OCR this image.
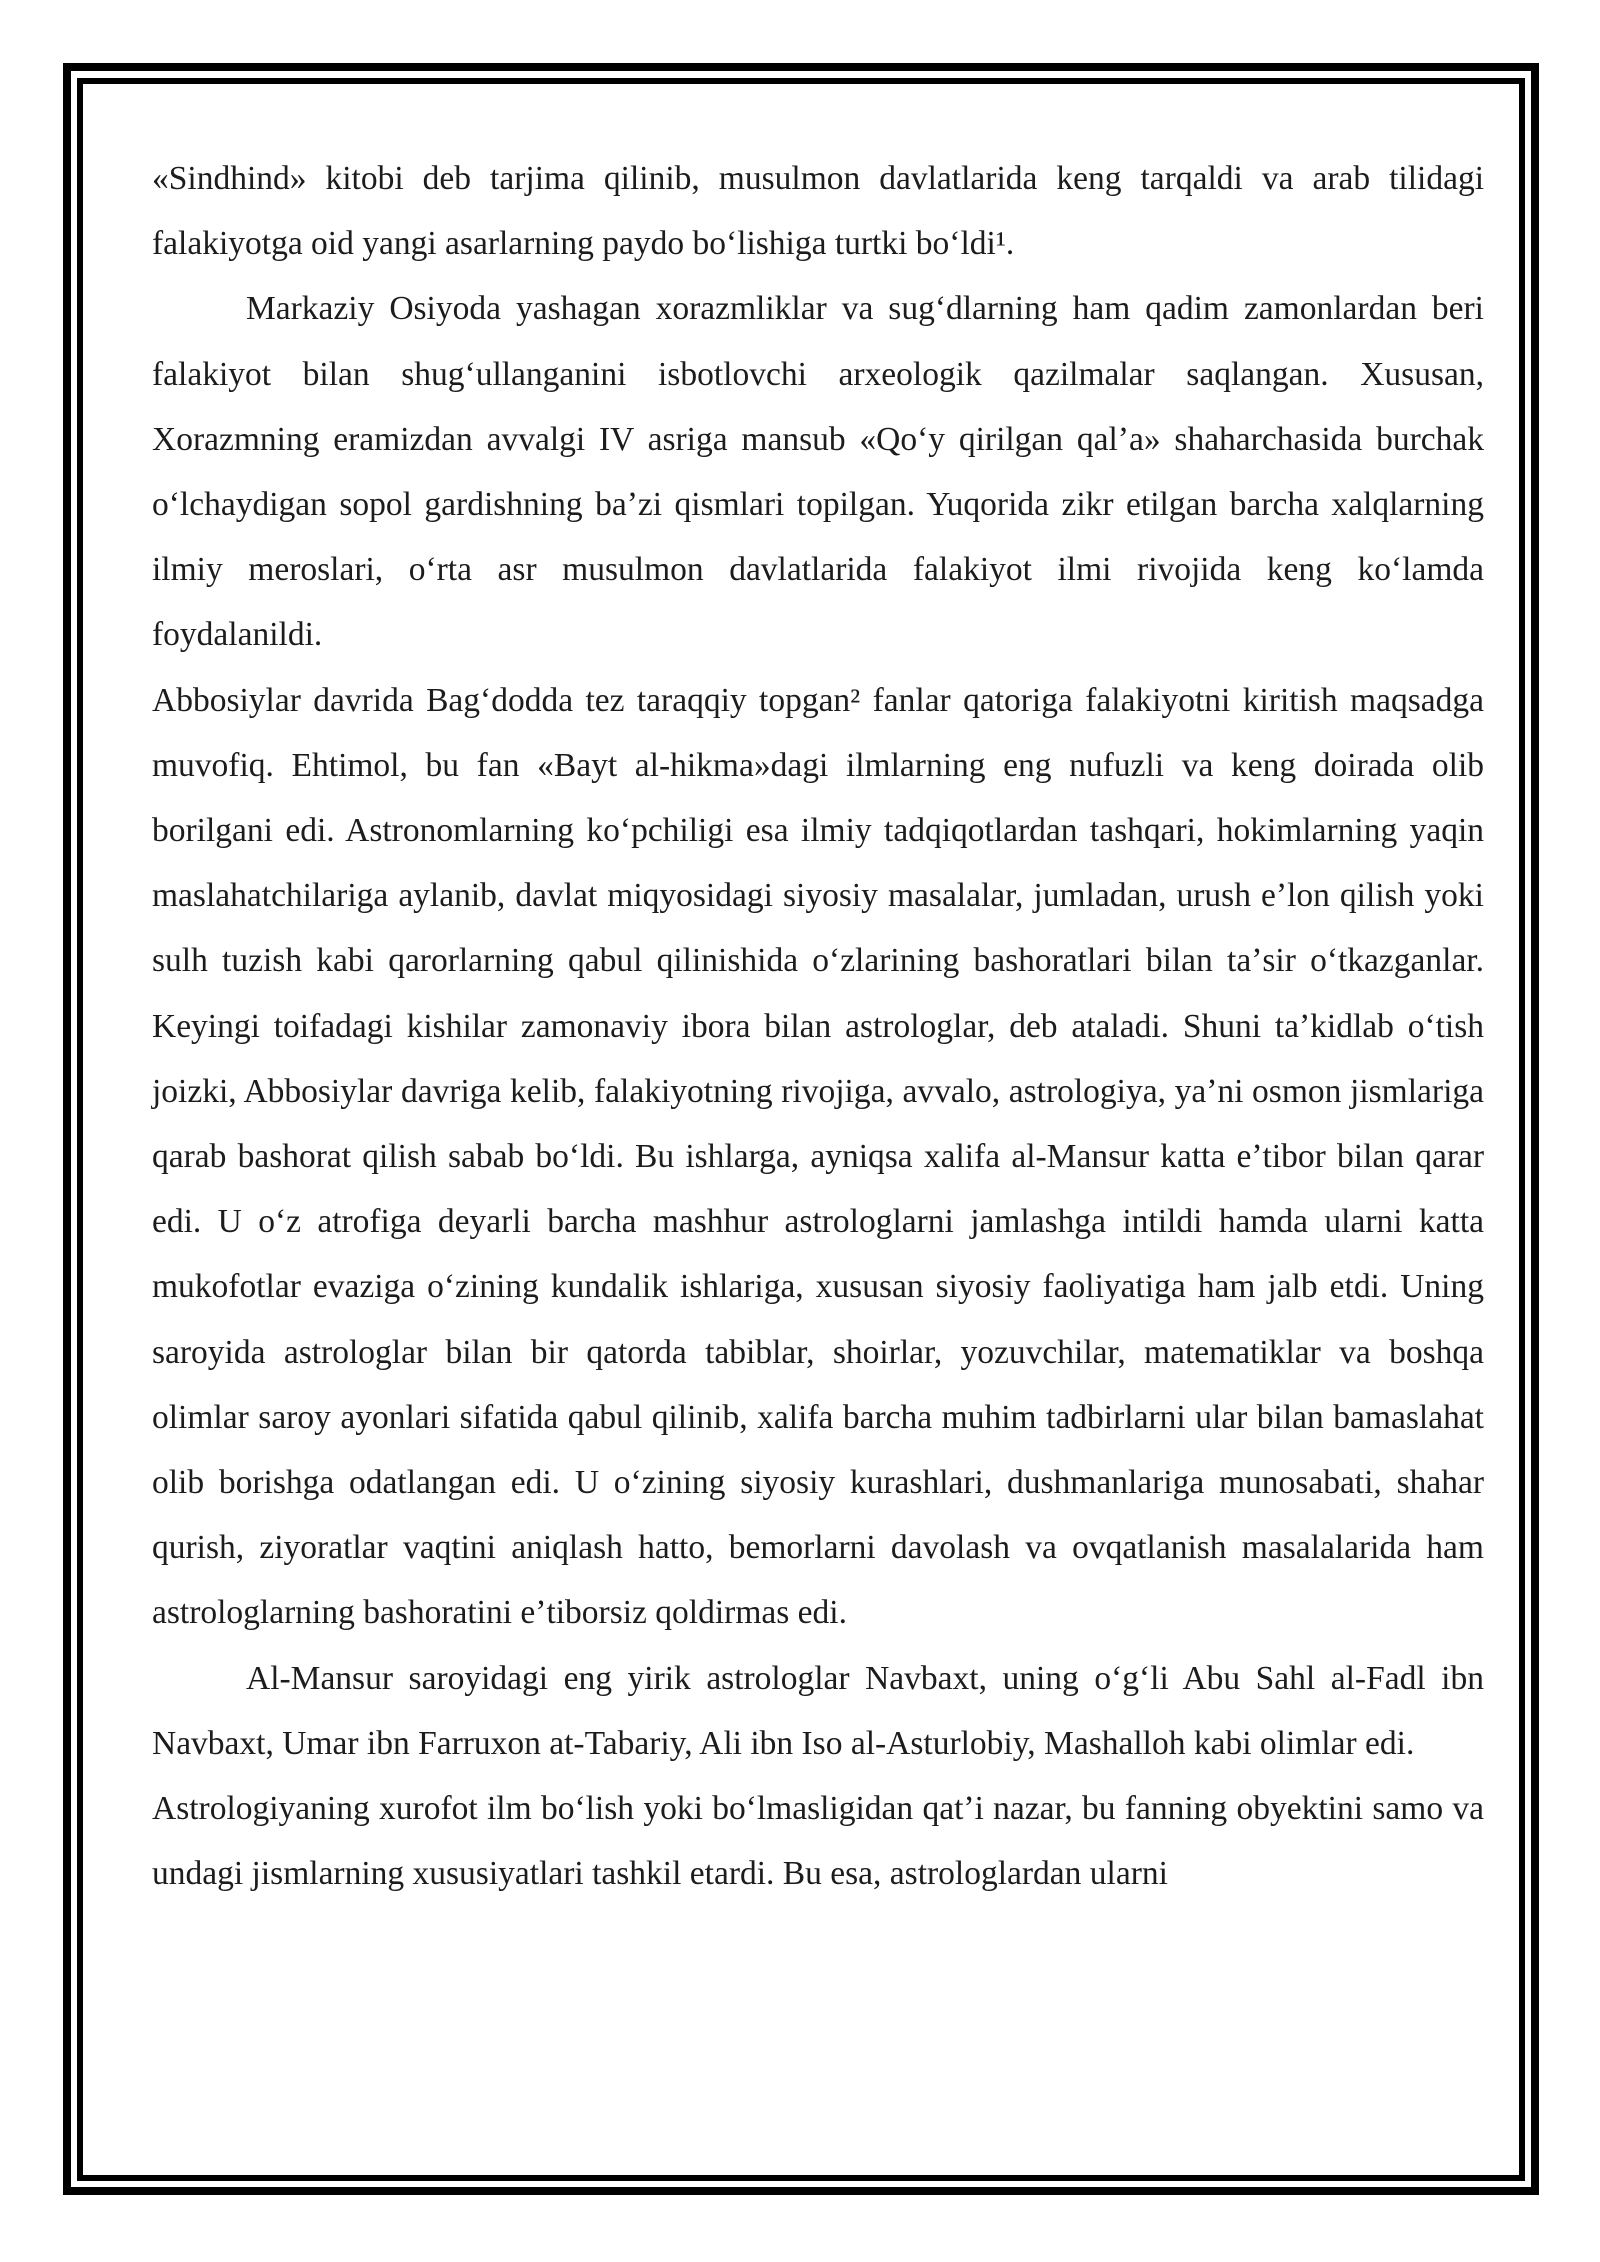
«Sindhind» kitobi deb tarjima qilinib, musulmon davlatlarida keng tarqaldi va arab tilidagi falakiyotga oid yangi asarlarning paydo boʻlishiga turtki boʻldi¹.

Markaziy Osiyoda yashagan xorazmliklar va sugʻdlarning ham qadim zamonlardan beri falakiyot bilan shugʻullanganini isbotlovchi arxeologik qazilmalar saqlangan. Xususan, Xorazmning eramizdan avvalgi IV asriga mansub «Qoʻy qirilgan qalʼa» shaharchasida burchak oʻlchaydigan sopol gardishning baʼzi qismlari topilgan. Yuqorida zikr etilgan barcha xalqlarning ilmiy meroslari, oʻrta asr musulmon davlatlarida falakiyot ilmi rivojida keng koʻlamda foydalanildi.

Abbosiylar davrida Bagʻdodda tez taraqqiy topgan² fanlar qatoriga falakiyotni kiritish maqsadga muvofiq. Ehtimol, bu fan «Bayt al-hikma»dagi ilmlarning eng nufuzli va keng doirada olib borilgani edi. Astronomlarning koʻpchiligi esa ilmiy tadqiqotlardan tashqari, hokimlarning yaqin maslahatchilariga aylanib, davlat miqyosidagi siyosiy masalalar, jumladan, urush eʼlon qilish yoki sulh tuzish kabi qarorlarning qabul qilinishida oʻzlarining bashoratlari bilan taʼsir oʻtkazganlar. Keyingi toifadagi kishilar zamonaviy ibora bilan astrologlar, deb ataladi. Shuni taʼkidlab oʻtish joizki, Abbosiylar davriga kelib, falakiyotning rivojiga, avvalo, astrologiya, yaʼni osmon jismlariga qarab bashorat qilish sabab boʻldi. Bu ishlarga, ayniqsa xalifa al-Mansur katta eʼtibor bilan qarar edi. U oʻz atrofiga deyarli barcha mashhur astrologlarni jamlashga intildi hamda ularni katta mukofotlar evaziga oʻzining kundalik ishlariga, xususan siyosiy faoliyatiga ham jalb etdi. Uning saroyida astrologlar bilan bir qatorda tabiblar, shoirlar, yozuvchilar, matematiklar va boshqa olimlar saroy ayonlari sifatida qabul qilinib, xalifa barcha muhim tadbirlarni ular bilan bamaslahat olib borishga odatlangan edi. U oʻzining siyosiy kurashlari, dushmanlariga munosabati, shahar qurish, ziyoratlar vaqtini aniqlash hatto, bemorlarni davolash va ovqatlanish masalalarida ham astrologlarning bashoratini eʼtiborsiz qoldirmas edi.

Al-Mansur saroyidagi eng yirik astrologlar Navbaxt, uning oʻgʻli Abu Sahl al-Fadl ibn Navbaxt, Umar ibn Farruxon at-Tabariy, Ali ibn Iso al-Asturlobiy, Mashalloh kabi olimlar edi.

Astrologiyaning xurofot ilm boʻlish yoki boʻlmasligidan qatʼi nazar, bu fanning obyektini samo va undagi jismlarning xususiyatlari tashkil etardi. Bu esa, astrologlardan ularni
